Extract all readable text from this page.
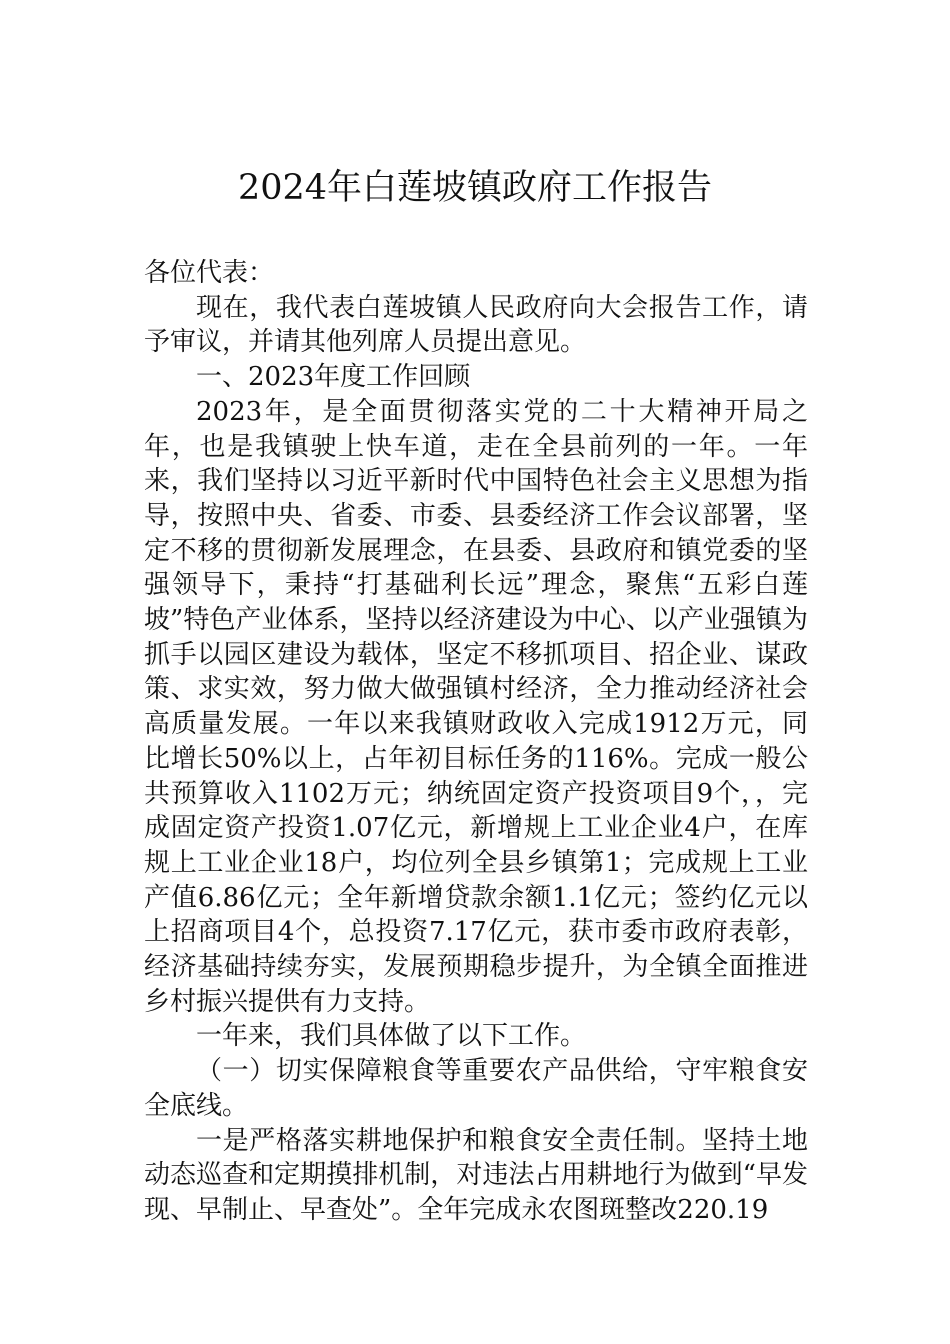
2024年白莲坡镇政府工作报告

各位代表：

现在，我代表白莲坡镇人民政府向大会报告工作，请予审议，并请其他列席人员提出意见。

一、2023年度工作回顾

2023年，是全面贯彻落实党的二十大精神开局之年，也是我镇驶上快车道，走在全县前列的一年。一年来，我们坚持以习近平新时代中国特色社会主义思想为指导，按照中央、省委、市委、县委经济工作会议部署，坚定不移的贯彻新发展理念，在县委、县政府和镇党委的坚强领导下，秉持“打基础利长远”理念，聚焦“五彩白莲坡”特色产业体系，坚持以经济建设为中心、以产业强镇为抓手以园区建设为载体，坚定不移抓项目、招企业、谋政策、求实效，努力做大做强镇村经济，全力推动经济社会高质量发展。一年以来我镇财政收入完成1912万元，同比增长50%以上，占年初目标任务的116%。完成一般公共预算收入1102万元；纳统固定资产投资项目9个，，完成固定资产投资1.07亿元，新增规上工业企业4户，在库规上工业企业18户，均位列全县乡镇第1；完成规上工业产值6.86亿元；全年新增贷款余额1.1亿元；签约亿元以上招商项目4个，总投资7.17亿元，获市委市政府表彰，经济基础持续夯实，发展预期稳步提升，为全镇全面推进乡村振兴提供有力支持。

一年来，我们具体做了以下工作。

（一）切实保障粮食等重要农产品供给，守牢粮食安全底线。

一是严格落实耕地保护和粮食安全责任制。坚持土地动态巡查和定期摸排机制，对违法占用耕地行为做到“早发现、早制止、早查处”。全年完成永农图斑整改220.19
